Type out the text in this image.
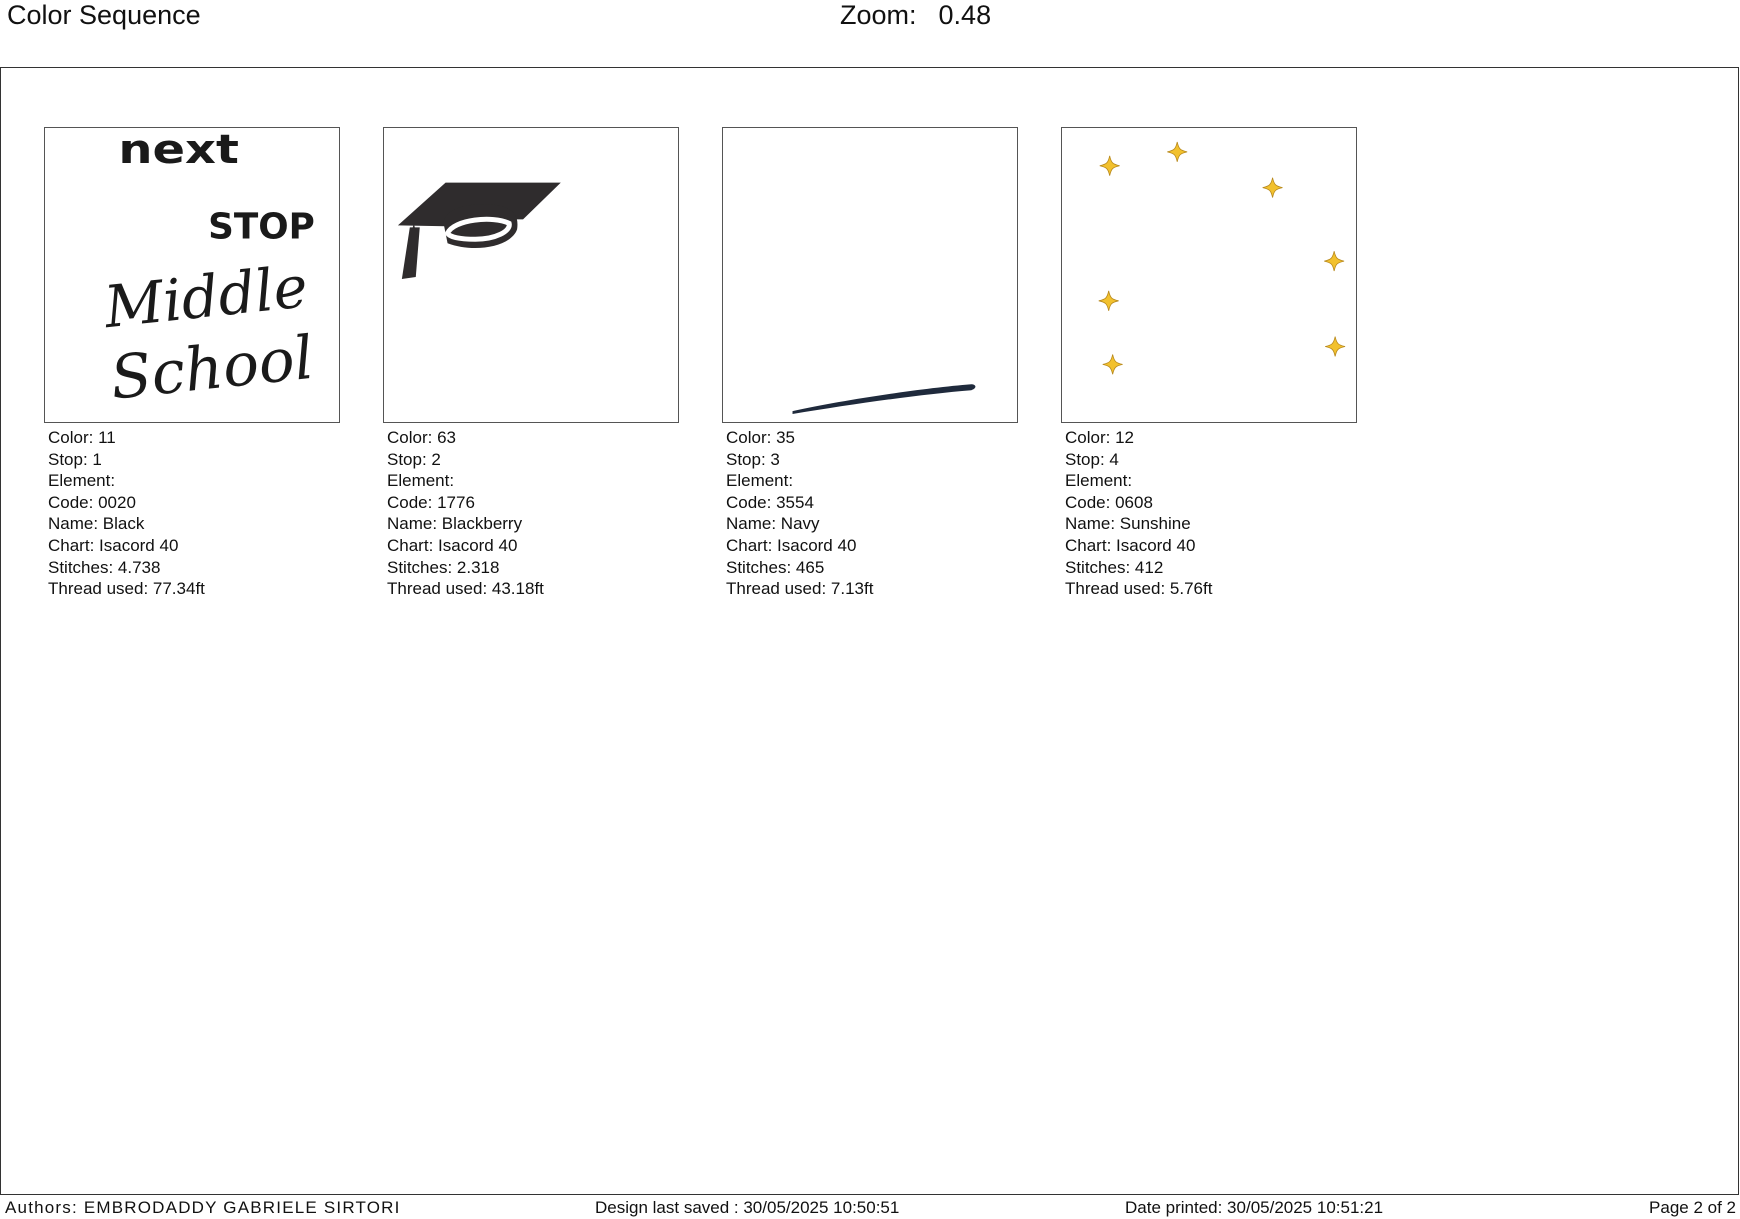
Color Sequence	Zoom: 0.48
next
STOP
Middle
School
Color: 11
Stop: 1
Element:
Code: 0020
Name: Black
Chart: Isacord 40
Stitches: 4.738
Thread used: 77.34ft
Color: 63
Stop: 2
Element:
Code: 1776
Name: Blackberry
Chart: Isacord 40
Stitches: 2.318
Thread used: 43.18ft
Color: 35
Stop: 3
Element:
Code: 3554
Name: Navy
Chart: Isacord 40
Stitches: 465
Thread used: 7.13ft
Color: 12
Stop: 4
Element:
Code: 0608
Name: Sunshine
Chart: Isacord 40
Stitches: 412
Thread used: 5.76ft
Authors: EMBRODADDY GABRIELE SIRTORI	Design last saved : 30/05/2025 10:50:51	Date printed: 30/05/2025 10:51:21	Page 2 of 2
